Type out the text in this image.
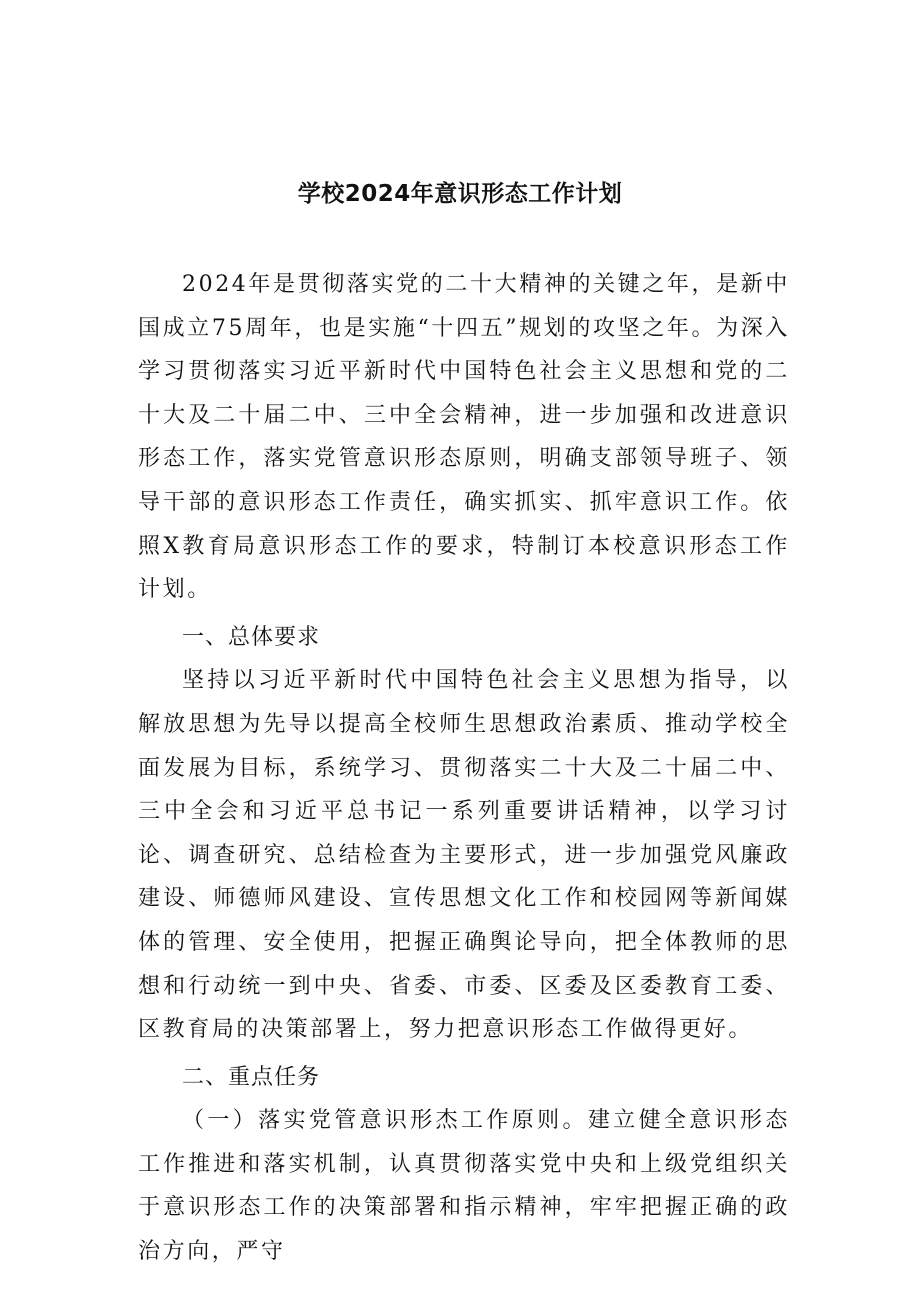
学校2024年意识形态工作计划

2024年是贯彻落实党的二十大精神的关键之年，是新中国成立75周年，也是实施“十四五”规划的攻坚之年。为深入学习贯彻落实习近平新时代中国特色社会主义思想和党的二十大及二十届二中、三中全会精神，进一步加强和改进意识形态工作，落实党管意识形态原则，明确支部领导班子、领导干部的意识形态工作责任，确实抓实、抓牢意识工作。依照X教育局意识形态工作的要求，特制订本校意识形态工作计划。

一、总体要求

坚持以习近平新时代中国特色社会主义思想为指导，以解放思想为先导以提高全校师生思想政治素质、推动学校全面发展为目标，系统学习、贯彻落实二十大及二十届二中、三中全会和习近平总书记一系列重要讲话精神，以学习讨论、调查研究、总结检查为主要形式，进一步加强党风廉政建设、师德师风建设、宣传思想文化工作和校园网等新闻媒体的管理、安全使用，把握正确舆论导向，把全体教师的思想和行动统一到中央、省委、市委、区委及区委教育工委、区教育局的决策部署上，努力把意识形态工作做得更好。

二、重点任务

（一）落实党管意识形杰工作原则。建立健全意识形态工作推进和落实机制，认真贯彻落实党中央和上级党组织关于意识形态工作的决策部署和指示精神，牢牢把握正确的政治方向，严守
